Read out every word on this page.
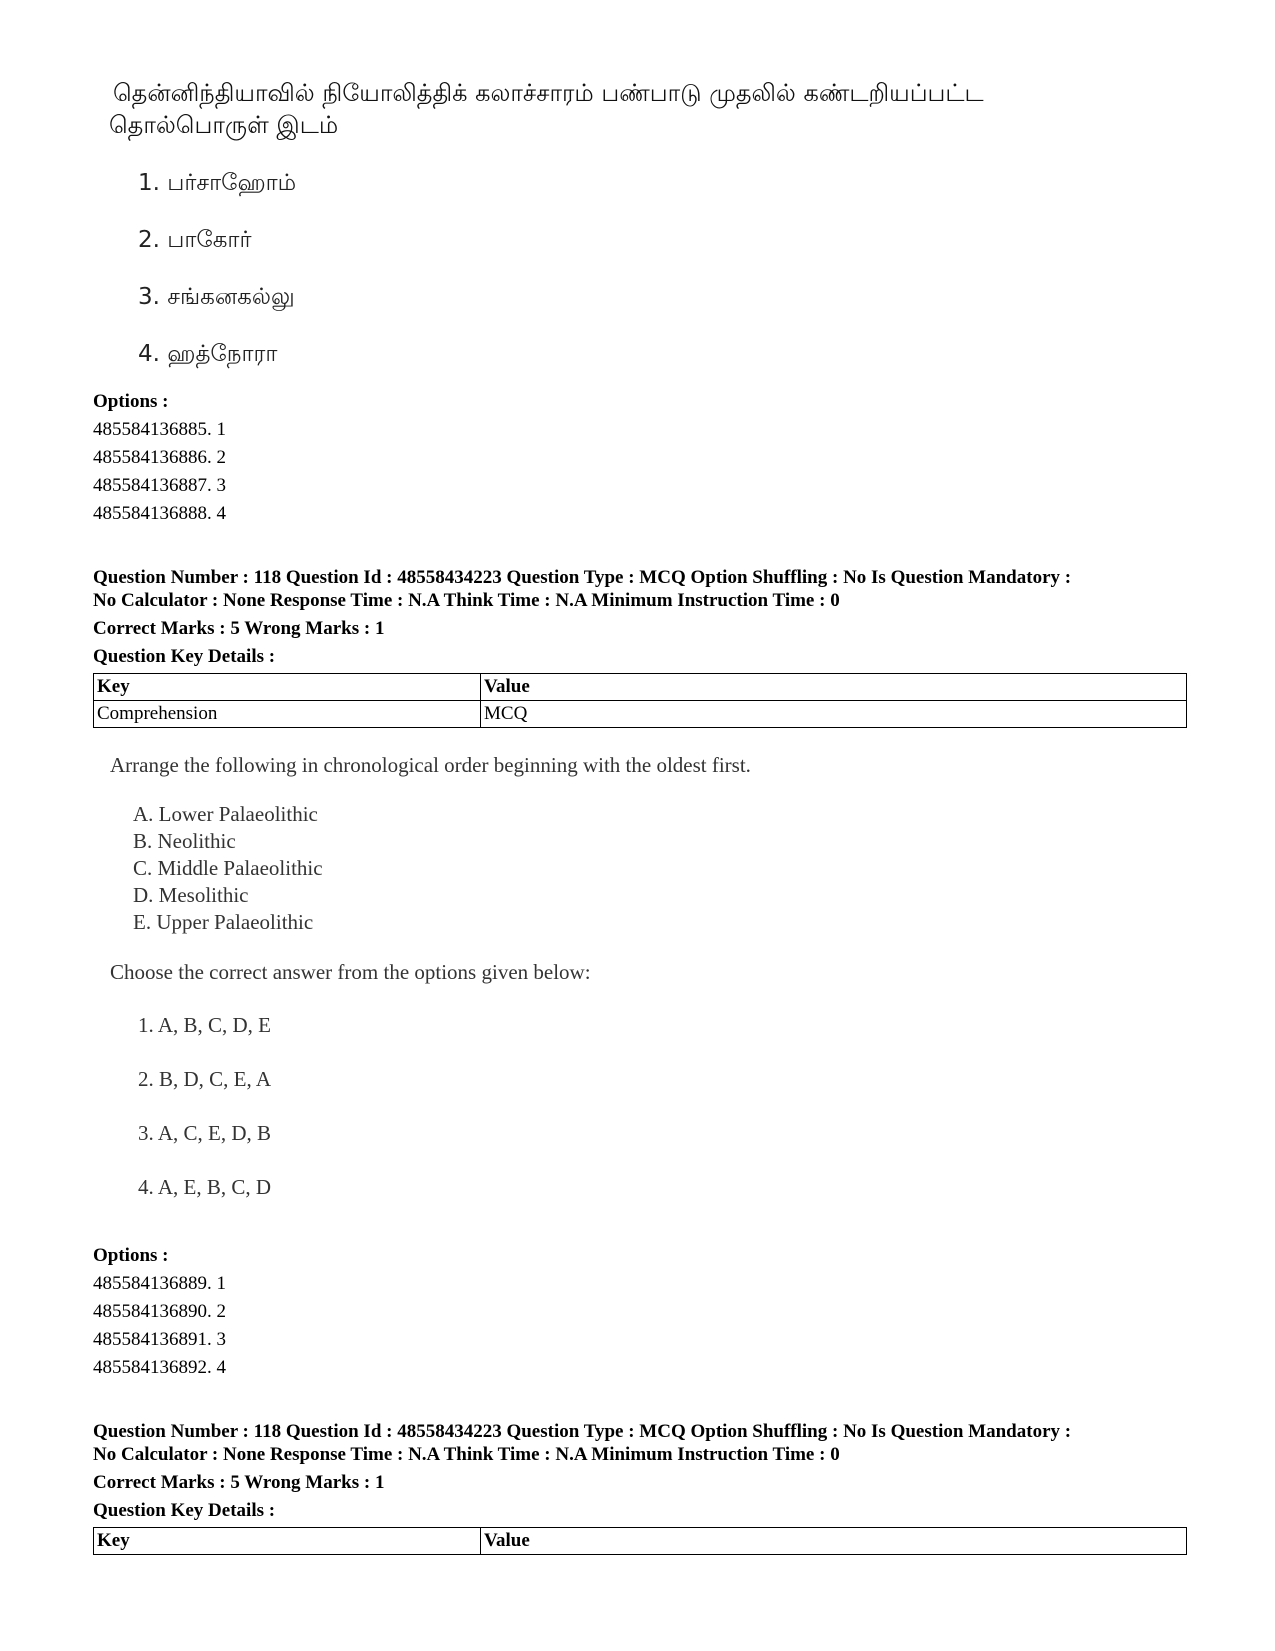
தென்னிந்தியாவில் நியோலித்திக் கலாச்சாரம் பண்பாடு முதலில் கண்டறியப்பட்ட
தொல்பொருள் இடம்
1. பர்சாஹோம்
2. பாகோர்
3. சங்கனகல்லு
4. ஹத்நோரா
Options :
485584136885. 1
485584136886. 2
485584136887. 3
485584136888. 4
Question Number : 118 Question Id : 48558434223 Question Type : MCQ Option Shuffling : No Is Question Mandatory :
No Calculator : None Response Time : N.A Think Time : N.A Minimum Instruction Time : 0
Correct Marks : 5 Wrong Marks : 1
Question Key Details :
Key	Value
Comprehension	MCQ
Arrange the following in chronological order beginning with the oldest first.
A. Lower Palaeolithic
B. Neolithic
C. Middle Palaeolithic
D. Mesolithic
E. Upper Palaeolithic
Choose the correct answer from the options given below:
1. A, B, C, D, E
2. B, D, C, E, A
3. A, C, E, D, B
4. A, E, B, C, D
Options :
485584136889. 1
485584136890. 2
485584136891. 3
485584136892. 4
Question Number : 118 Question Id : 48558434223 Question Type : MCQ Option Shuffling : No Is Question Mandatory :
No Calculator : None Response Time : N.A Think Time : N.A Minimum Instruction Time : 0
Correct Marks : 5 Wrong Marks : 1
Question Key Details :
Key	Value
